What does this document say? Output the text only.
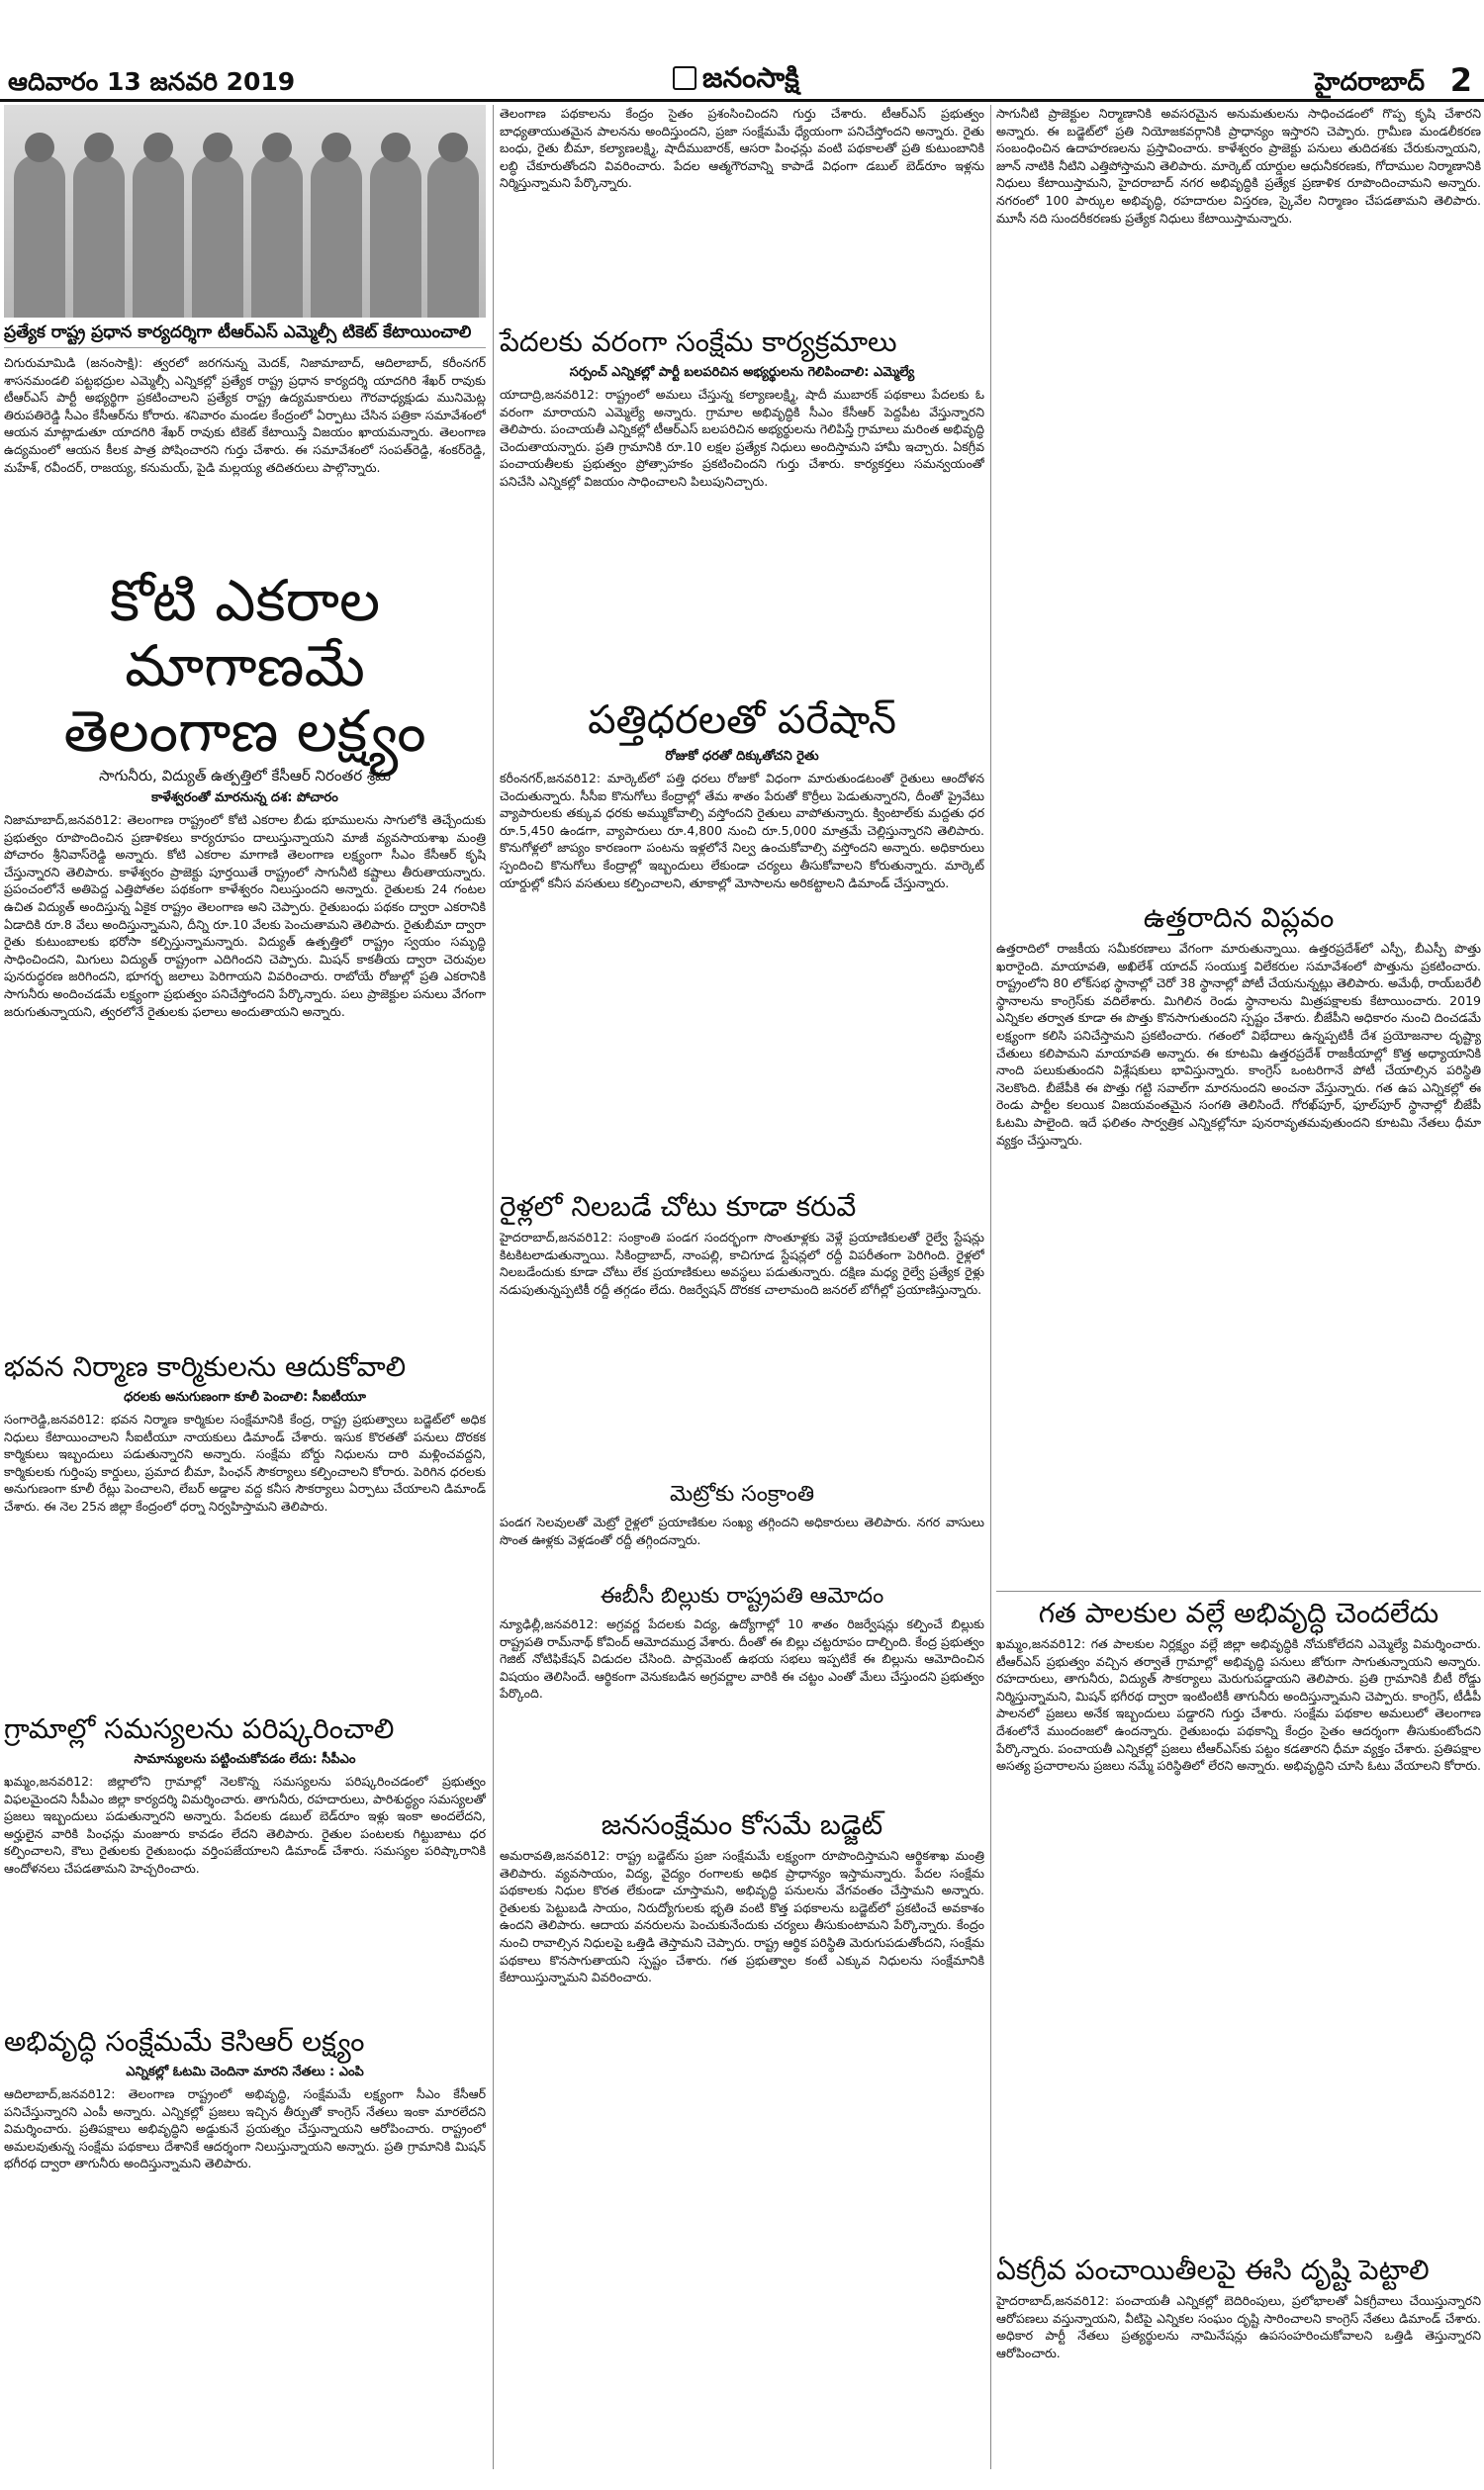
ఆదివారం 13 జనవరి 2019	జనంసాక్షి	హైదరాబాద్ 2
ప్రత్యేక రాష్ట్ర ప్రధాన కార్యదర్శిగా టీఆర్ఎస్ ఎమ్మెల్సీ టికెట్ కేటాయించాలి

చిగురుమామిడి (జనంసాక్షి): త్వరలో జరగనున్న మెదక్, నిజామాబాద్, ఆదిలాబాద్, కరీంనగర్ శాసనమండలి పట్టభద్రుల ఎమ్మెల్సీ ఎన్నికల్లో ప్రత్యేక రాష్ట్ర ప్రధాన కార్యదర్శి యాదగిరి శేఖర్ రావుకు టీఆర్ఎస్ పార్టీ అభ్యర్థిగా ప్రకటించాలని ప్రత్యేక రాష్ట్ర ఉద్యమకారులు గౌరవాధ్యక్షుడు మునిమెట్ల తిరుపతిరెడ్డి సీఎం కేసీఆర్‌ను కోరారు. శనివారం మండల కేంద్రంలో ఏర్పాటు చేసిన పత్రికా సమావేశంలో ఆయన మాట్లాడుతూ యాదగిరి శేఖర్ రావుకు టికెట్ కేటాయిస్తే విజయం ఖాయమన్నారు. తెలంగాణ ఉద్యమంలో ఆయన కీలక పాత్ర పోషించారని గుర్తు చేశారు. ఈ సమావేశంలో సంపత్‌రెడ్డి, శంకర్‌రెడ్డి, మహేశ్, రవీందర్, రాజయ్య, కనుమయ్, పైడి మల్లయ్య తదితరులు పాల్గొన్నారు.

కోటి ఎకరాల మాగాణమే
తెలంగాణ లక్ష్యం
సాగునీరు, విద్యుత్ ఉత్పత్తిలో కేసీఆర్ నిరంతర శ్రమ
కాళేశ్వరంతో మారనున్న దశ: పోచారం

నిజామాబాద్,జనవరి12: తెలంగాణ రాష్ట్రంలో కోటి ఎకరాల బీడు భూములను సాగులోకి తెచ్చేందుకు ప్రభుత్వం రూపొందించిన ప్రణాళికలు కార్యరూపం దాలుస్తున్నాయని మాజీ వ్యవసాయశాఖ మంత్రి పోచారం శ్రీనివాస్‌రెడ్డి అన్నారు. కోటి ఎకరాల మాగాణి తెలంగాణ లక్ష్యంగా సీఎం కేసీఆర్ కృషి చేస్తున్నారని తెలిపారు. కాళేశ్వరం ప్రాజెక్టు పూర్తయితే రాష్ట్రంలో సాగునీటి కష్టాలు తీరుతాయన్నారు. ప్రపంచంలోనే అతిపెద్ద ఎత్తిపోతల పథకంగా కాళేశ్వరం నిలుస్తుందని అన్నారు. రైతులకు 24 గంటల ఉచిత విద్యుత్ అందిస్తున్న ఏకైక రాష్ట్రం తెలంగాణ అని చెప్పారు. రైతుబంధు పథకం ద్వారా ఎకరానికి ఏడాదికి రూ.8 వేలు అందిస్తున్నామని, దీన్ని రూ.10 వేలకు పెంచుతామని తెలిపారు. రైతుబీమా ద్వారా రైతు కుటుంబాలకు భరోసా కల్పిస్తున్నామన్నారు. విద్యుత్ ఉత్పత్తిలో రాష్ట్రం స్వయం సమృద్ధి సాధించిందని, మిగులు విద్యుత్ రాష్ట్రంగా ఎదిగిందని చెప్పారు. మిషన్ కాకతీయ ద్వారా చెరువుల పునరుద్ధరణ జరిగిందని, భూగర్భ జలాలు పెరిగాయని వివరించారు. రాబోయే రోజుల్లో ప్రతి ఎకరానికి సాగునీరు అందించడమే లక్ష్యంగా ప్రభుత్వం పనిచేస్తోందని పేర్కొన్నారు. పలు ప్రాజెక్టుల పనులు వేగంగా జరుగుతున్నాయని, త్వరలోనే రైతులకు ఫలాలు అందుతాయని అన్నారు.

భవన నిర్మాణ కార్మికులను ఆదుకోవాలి
ధరలకు అనుగుణంగా కూలీ పెంచాలి: సీఐటీయూ

సంగారెడ్డి,జనవరి12: భవన నిర్మాణ కార్మికుల సంక్షేమానికి కేంద్ర, రాష్ట్ర ప్రభుత్వాలు బడ్జెట్‌లో అధిక నిధులు కేటాయించాలని సీఐటీయూ నాయకులు డిమాండ్ చేశారు. ఇసుక కొరతతో పనులు దొరకక కార్మికులు ఇబ్బందులు పడుతున్నారని అన్నారు. సంక్షేమ బోర్డు నిధులను దారి మళ్లించవద్దని, కార్మికులకు గుర్తింపు కార్డులు, ప్రమాద బీమా, పింఛన్ సౌకర్యాలు కల్పించాలని కోరారు. పెరిగిన ధరలకు అనుగుణంగా కూలీ రేట్లు పెంచాలని, లేబర్ అడ్డాల వద్ద కనీస సౌకర్యాలు ఏర్పాటు చేయాలని డిమాండ్ చేశారు. ఈ నెల 25న జిల్లా కేంద్రంలో ధర్నా నిర్వహిస్తామని తెలిపారు.

గ్రామాల్లో సమస్యలను పరిష్కరించాలి
సామాన్యులను పట్టించుకోవడం లేదు: సీపీఎం

ఖమ్మం,జనవరి12: జిల్లాలోని గ్రామాల్లో నెలకొన్న సమస్యలను పరిష్కరించడంలో ప్రభుత్వం విఫలమైందని సీపీఎం జిల్లా కార్యదర్శి విమర్శించారు. తాగునీరు, రహదారులు, పారిశుద్ధ్యం సమస్యలతో ప్రజలు ఇబ్బందులు పడుతున్నారని అన్నారు. పేదలకు డబుల్ బెడ్‌రూం ఇళ్లు ఇంకా అందలేదని, అర్హులైన వారికి పింఛన్లు మంజూరు కావడం లేదని తెలిపారు. రైతుల పంటలకు గిట్టుబాటు ధర కల్పించాలని, కౌలు రైతులకు రైతుబంధు వర్తింపజేయాలని డిమాండ్ చేశారు. సమస్యల పరిష్కారానికి ఆందోళనలు చేపడతామని హెచ్చరించారు.

అభివృద్ధి సంక్షేమమే కెసిఆర్ లక్ష్యం
ఎన్నికల్లో ఓటమి చెందినా మారని నేతలు : ఎంపి

ఆదిలాబాద్,జనవరి12: తెలంగాణ రాష్ట్రంలో అభివృద్ధి, సంక్షేమమే లక్ష్యంగా సీఎం కేసీఆర్ పనిచేస్తున్నారని ఎంపీ అన్నారు. ఎన్నికల్లో ప్రజలు ఇచ్చిన తీర్పుతో కాంగ్రెస్ నేతలు ఇంకా మారలేదని విమర్శించారు. ప్రతిపక్షాలు అభివృద్ధిని అడ్డుకునే ప్రయత్నం చేస్తున్నాయని ఆరోపించారు. రాష్ట్రంలో అమలవుతున్న సంక్షేమ పథకాలు దేశానికే ఆదర్శంగా నిలుస్తున్నాయని అన్నారు. ప్రతి గ్రామానికి మిషన్ భగీరథ ద్వారా తాగునీరు అందిస్తున్నామని తెలిపారు.

తెలంగాణ పథకాలను కేంద్రం సైతం ప్రశంసించిందని గుర్తు చేశారు. టీఆర్ఎస్ ప్రభుత్వం బాధ్యతాయుతమైన పాలనను అందిస్తుందని, ప్రజా సంక్షేమమే ధ్యేయంగా పనిచేస్తోందని అన్నారు. రైతు బంధు, రైతు బీమా, కల్యాణలక్ష్మి, షాదీముబారక్, ఆసరా పింఛన్లు వంటి పథకాలతో ప్రతి కుటుంబానికి లబ్ధి చేకూరుతోందని వివరించారు. పేదల ఆత్మగౌరవాన్ని కాపాడే విధంగా డబుల్ బెడ్‌రూం ఇళ్లను నిర్మిస్తున్నామని పేర్కొన్నారు.

పేదలకు వరంగా సంక్షేమ కార్యక్రమాలు
సర్పంచ్ ఎన్నికల్లో పార్టీ బలపరిచిన అభ్యర్థులను గెలిపించాలి: ఎమ్మెల్యే

యాదాద్రి,జనవరి12: రాష్ట్రంలో అమలు చేస్తున్న కల్యాణలక్ష్మి, షాదీ ముబారక్ పథకాలు పేదలకు ఓ వరంగా మారాయని ఎమ్మెల్యే అన్నారు. గ్రామాల అభివృద్ధికి సీఎం కేసీఆర్ పెద్దపీట వేస్తున్నారని తెలిపారు. పంచాయతీ ఎన్నికల్లో టీఆర్ఎస్ బలపరిచిన అభ్యర్థులను గెలిపిస్తే గ్రామాలు మరింత అభివృద్ధి చెందుతాయన్నారు. ప్రతి గ్రామానికి రూ.10 లక్షల ప్రత్యేక నిధులు అందిస్తామని హామీ ఇచ్చారు. ఏకగ్రీవ పంచాయతీలకు ప్రభుత్వం ప్రోత్సాహకం ప్రకటించిందని గుర్తు చేశారు. కార్యకర్తలు సమన్వయంతో పనిచేసి ఎన్నికల్లో విజయం సాధించాలని పిలుపునిచ్చారు.

పత్తిధరలతో పరేషాన్
రోజుకో ధరతో దిక్కుతోచని రైతు

కరీంనగర్,జనవరి12: మార్కెట్‌లో పత్తి ధరలు రోజుకో విధంగా మారుతుండటంతో రైతులు ఆందోళన చెందుతున్నారు. సీసీఐ కొనుగోలు కేంద్రాల్లో తేమ శాతం పేరుతో కొర్రీలు పెడుతున్నారని, దీంతో ప్రైవేటు వ్యాపారులకు తక్కువ ధరకు అమ్ముకోవాల్సి వస్తోందని రైతులు వాపోతున్నారు. క్వింటాల్‌కు మద్దతు ధర రూ.5,450 ఉండగా, వ్యాపారులు రూ.4,800 నుంచి రూ.5,000 మాత్రమే చెల్లిస్తున్నారని తెలిపారు. కొనుగోళ్లలో జాప్యం కారణంగా పంటను ఇళ్లలోనే నిల్వ ఉంచుకోవాల్సి వస్తోందని అన్నారు. అధికారులు స్పందించి కొనుగోలు కేంద్రాల్లో ఇబ్బందులు లేకుండా చర్యలు తీసుకోవాలని కోరుతున్నారు. మార్కెట్ యార్డుల్లో కనీస వసతులు కల్పించాలని, తూకాల్లో మోసాలను అరికట్టాలని డిమాండ్ చేస్తున్నారు.

రైళ్లలో నిలబడే చోటు కూడా కరువే

హైదరాబాద్,జనవరి12: సంక్రాంతి పండగ సందర్భంగా సొంతూళ్లకు వెళ్లే ప్రయాణికులతో రైల్వే స్టేషన్లు కిటకిటలాడుతున్నాయి. సికింద్రాబాద్, నాంపల్లి, కాచిగూడ స్టేషన్లలో రద్దీ విపరీతంగా పెరిగింది. రైళ్లలో నిలబడేందుకు కూడా చోటు లేక ప్రయాణికులు అవస్థలు పడుతున్నారు. దక్షిణ మధ్య రైల్వే ప్రత్యేక రైళ్లు నడుపుతున్నప్పటికీ రద్దీ తగ్గడం లేదు. రిజర్వేషన్ దొరకక చాలామంది జనరల్ బోగీల్లో ప్రయాణిస్తున్నారు.

మెట్రోకు సంక్రాంతి

పండగ సెలవులతో మెట్రో రైళ్లలో ప్రయాణికుల సంఖ్య తగ్గిందని అధికారులు తెలిపారు. నగర వాసులు సొంత ఊళ్లకు వెళ్లడంతో రద్దీ తగ్గిందన్నారు.

ఈబీసీ బిల్లుకు రాష్ట్రపతి ఆమోదం

న్యూఢిల్లీ,జనవరి12: అగ్రవర్ణ పేదలకు విద్య, ఉద్యోగాల్లో 10 శాతం రిజర్వేషన్లు కల్పించే బిల్లుకు రాష్ట్రపతి రామ్‌నాథ్ కోవింద్ ఆమోదముద్ర వేశారు. దీంతో ఈ బిల్లు చట్టరూపం దాల్చింది. కేంద్ర ప్రభుత్వం గెజిట్ నోటిఫికేషన్ విడుదల చేసింది. పార్లమెంట్ ఉభయ సభలు ఇప్పటికే ఈ బిల్లును ఆమోదించిన విషయం తెలిసిందే. ఆర్థికంగా వెనుకబడిన అగ్రవర్ణాల వారికి ఈ చట్టం ఎంతో మేలు చేస్తుందని ప్రభుత్వం పేర్కొంది.

జనసంక్షేమం కోసమే బడ్జెట్

అమరావతి,జనవరి12: రాష్ట్ర బడ్జెట్‌ను ప్రజా సంక్షేమమే లక్ష్యంగా రూపొందిస్తామని ఆర్థికశాఖ మంత్రి తెలిపారు. వ్యవసాయం, విద్య, వైద్యం రంగాలకు అధిక ప్రాధాన్యం ఇస్తామన్నారు. పేదల సంక్షేమ పథకాలకు నిధుల కొరత లేకుండా చూస్తామని, అభివృద్ధి పనులను వేగవంతం చేస్తామని అన్నారు. రైతులకు పెట్టుబడి సాయం, నిరుద్యోగులకు భృతి వంటి కొత్త పథకాలను బడ్జెట్‌లో ప్రకటించే అవకాశం ఉందని తెలిపారు. ఆదాయ వనరులను పెంచుకునేందుకు చర్యలు తీసుకుంటామని పేర్కొన్నారు. కేంద్రం నుంచి రావాల్సిన నిధులపై ఒత్తిడి తెస్తామని చెప్పారు. రాష్ట్ర ఆర్థిక పరిస్థితి మెరుగుపడుతోందని, సంక్షేమ పథకాలు కొనసాగుతాయని స్పష్టం చేశారు. గత ప్రభుత్వాల కంటే ఎక్కువ నిధులను సంక్షేమానికి కేటాయిస్తున్నామని వివరించారు.

సాగునీటి ప్రాజెక్టుల నిర్మాణానికి అవసరమైన అనుమతులను సాధించడంలో గొప్ప కృషి చేశారని అన్నారు. ఈ బడ్జెట్‌లో ప్రతి నియోజకవర్గానికి ప్రాధాన్యం ఇస్తారని చెప్పారు. గ్రామీణ మండలీకరణ సంబంధించిన ఉదాహరణలను ప్రస్తావించారు. కాళేశ్వరం ప్రాజెక్టు పనులు తుదిదశకు చేరుకున్నాయని, జూన్ నాటికి నీటిని ఎత్తిపోస్తామని తెలిపారు. మార్కెట్ యార్డుల ఆధునీకరణకు, గోదాముల నిర్మాణానికి నిధులు కేటాయిస్తామని, హైదరాబాద్ నగర అభివృద్ధికి ప్రత్యేక ప్రణాళిక రూపొందించామని అన్నారు. నగరంలో 100 పార్కుల అభివృద్ధి, రహదారుల విస్తరణ, స్కైవేల నిర్మాణం చేపడతామని తెలిపారు. మూసీ నది సుందరీకరణకు ప్రత్యేక నిధులు కేటాయిస్తామన్నారు.

ఉత్తరాదిన విప్లవం

ఉత్తరాదిలో రాజకీయ సమీకరణాలు వేగంగా మారుతున్నాయి. ఉత్తరప్రదేశ్‌లో ఎస్పీ, బీఎస్పీ పొత్తు ఖరారైంది. మాయావతి, అఖిలేశ్ యాదవ్ సంయుక్త విలేకరుల సమావేశంలో పొత్తును ప్రకటించారు. రాష్ట్రంలోని 80 లోక్‌సభ స్థానాల్లో చెరో 38 స్థానాల్లో పోటీ చేయనున్నట్లు తెలిపారు. అమేథీ, రాయ్‌బరేలీ స్థానాలను కాంగ్రెస్‌కు వదిలేశారు. మిగిలిన రెండు స్థానాలను మిత్రపక్షాలకు కేటాయించారు. 2019 ఎన్నికల తర్వాత కూడా ఈ పొత్తు కొనసాగుతుందని స్పష్టం చేశారు. బీజేపీని అధికారం నుంచి దించడమే లక్ష్యంగా కలిసి పనిచేస్తామని ప్రకటించారు. గతంలో విభేదాలు ఉన్నప్పటికీ దేశ ప్రయోజనాల దృష్ట్యా చేతులు కలిపామని మాయావతి అన్నారు. ఈ కూటమి ఉత్తరప్రదేశ్ రాజకీయాల్లో కొత్త అధ్యాయానికి నాంది పలుకుతుందని విశ్లేషకులు భావిస్తున్నారు. కాంగ్రెస్ ఒంటరిగానే పోటీ చేయాల్సిన పరిస్థితి నెలకొంది. బీజేపీకి ఈ పొత్తు గట్టి సవాల్‌గా మారనుందని అంచనా వేస్తున్నారు. గత ఉప ఎన్నికల్లో ఈ రెండు పార్టీల కలయిక విజయవంతమైన సంగతి తెలిసిందే. గోరఖ్‌పూర్, ఫూల్‌పూర్ స్థానాల్లో బీజేపీ ఓటమి పాలైంది. ఇదే ఫలితం సార్వత్రిక ఎన్నికల్లోనూ పునరావృతమవుతుందని కూటమి నేతలు ధీమా వ్యక్తం చేస్తున్నారు.

గత పాలకుల వల్లే అభివృద్ధి చెందలేదు

ఖమ్మం,జనవరి12: గత పాలకుల నిర్లక్ష్యం వల్లే జిల్లా అభివృద్ధికి నోచుకోలేదని ఎమ్మెల్యే విమర్శించారు. టీఆర్ఎస్ ప్రభుత్వం వచ్చిన తర్వాతే గ్రామాల్లో అభివృద్ధి పనులు జోరుగా సాగుతున్నాయని అన్నారు. రహదారులు, తాగునీరు, విద్యుత్ సౌకర్యాలు మెరుగుపడ్డాయని తెలిపారు. ప్రతి గ్రామానికి బీటీ రోడ్డు నిర్మిస్తున్నామని, మిషన్ భగీరథ ద్వారా ఇంటింటికీ తాగునీరు అందిస్తున్నామని చెప్పారు. కాంగ్రెస్, టీడీపీ పాలనలో ప్రజలు అనేక ఇబ్బందులు పడ్డారని గుర్తు చేశారు. సంక్షేమ పథకాల అమలులో తెలంగాణ దేశంలోనే ముందంజలో ఉందన్నారు. రైతుబంధు పథకాన్ని కేంద్రం సైతం ఆదర్శంగా తీసుకుంటోందని పేర్కొన్నారు. పంచాయతీ ఎన్నికల్లో ప్రజలు టీఆర్ఎస్‌కు పట్టం కడతారని ధీమా వ్యక్తం చేశారు. ప్రతిపక్షాల అసత్య ప్రచారాలను ప్రజలు నమ్మే పరిస్థితిలో లేరని అన్నారు. అభివృద్ధిని చూసి ఓటు వేయాలని కోరారు.

ఏకగ్రీవ పంచాయితీలపై ఈసి దృష్టి పెట్టాలి

హైదరాబాద్,జనవరి12: పంచాయతీ ఎన్నికల్లో బెదిరింపులు, ప్రలోభాలతో ఏకగ్రీవాలు చేయిస్తున్నారని ఆరోపణలు వస్తున్నాయని, వీటిపై ఎన్నికల సంఘం దృష్టి సారించాలని కాంగ్రెస్ నేతలు డిమాండ్ చేశారు. అధికార పార్టీ నేతలు ప్రత్యర్థులను నామినేషన్లు ఉపసంహరించుకోవాలని ఒత్తిడి తెస్తున్నారని ఆరోపించారు.
